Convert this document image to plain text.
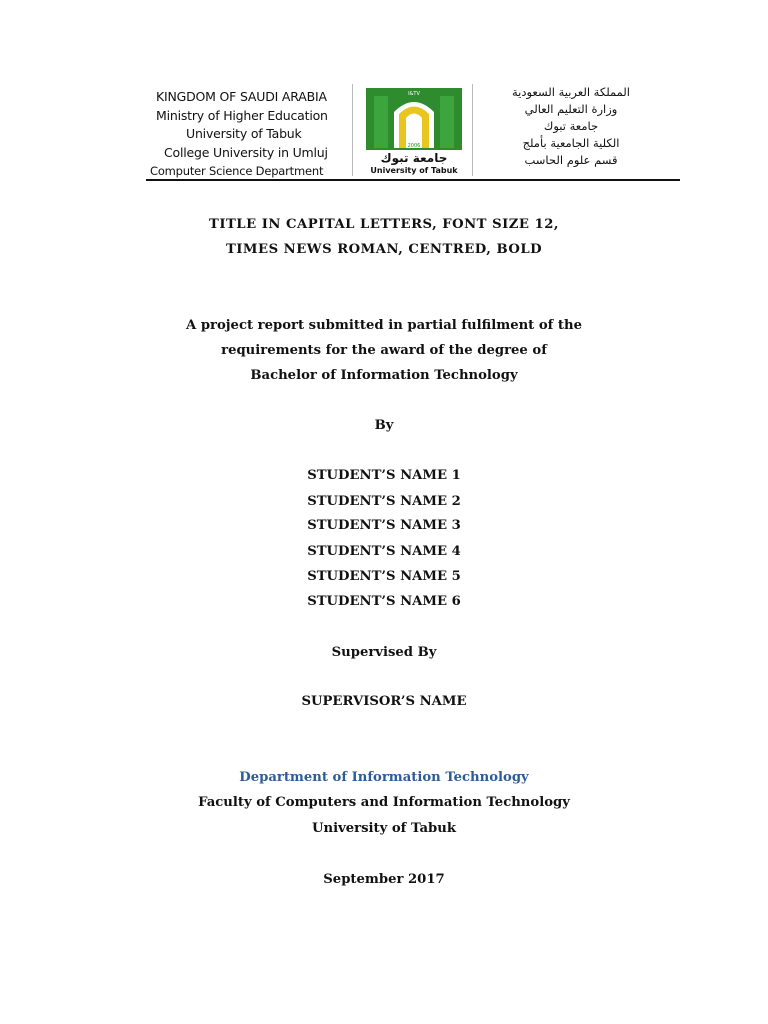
KINGDOM OF SAUDI ARABIA
Ministry of Higher Education
University of Tabuk
College University in Umluj
Computer Science Department
I&TV
2006
جامعة تبوك
University of Tabuk
المملكة العربية السعودية
وزارة التعليم العالي
جامعة تبوك
الكلية الجامعية بأملج
قسم علوم الحاسب
TITLE IN CAPITAL LETTERS, FONT SIZE 12,
TIMES NEWS ROMAN, CENTRED, BOLD
A project report submitted in partial fulfilment of the
requirements for the award of the degree of
Bachelor of Information Technology
By
STUDENT’S NAME 1
STUDENT’S NAME 2
STUDENT’S NAME 3
STUDENT’S NAME 4
STUDENT’S NAME 5
STUDENT’S NAME 6
Supervised By
SUPERVISOR’S NAME
Department of Information Technology
Faculty of Computers and Information Technology
University of Tabuk
September 2017
